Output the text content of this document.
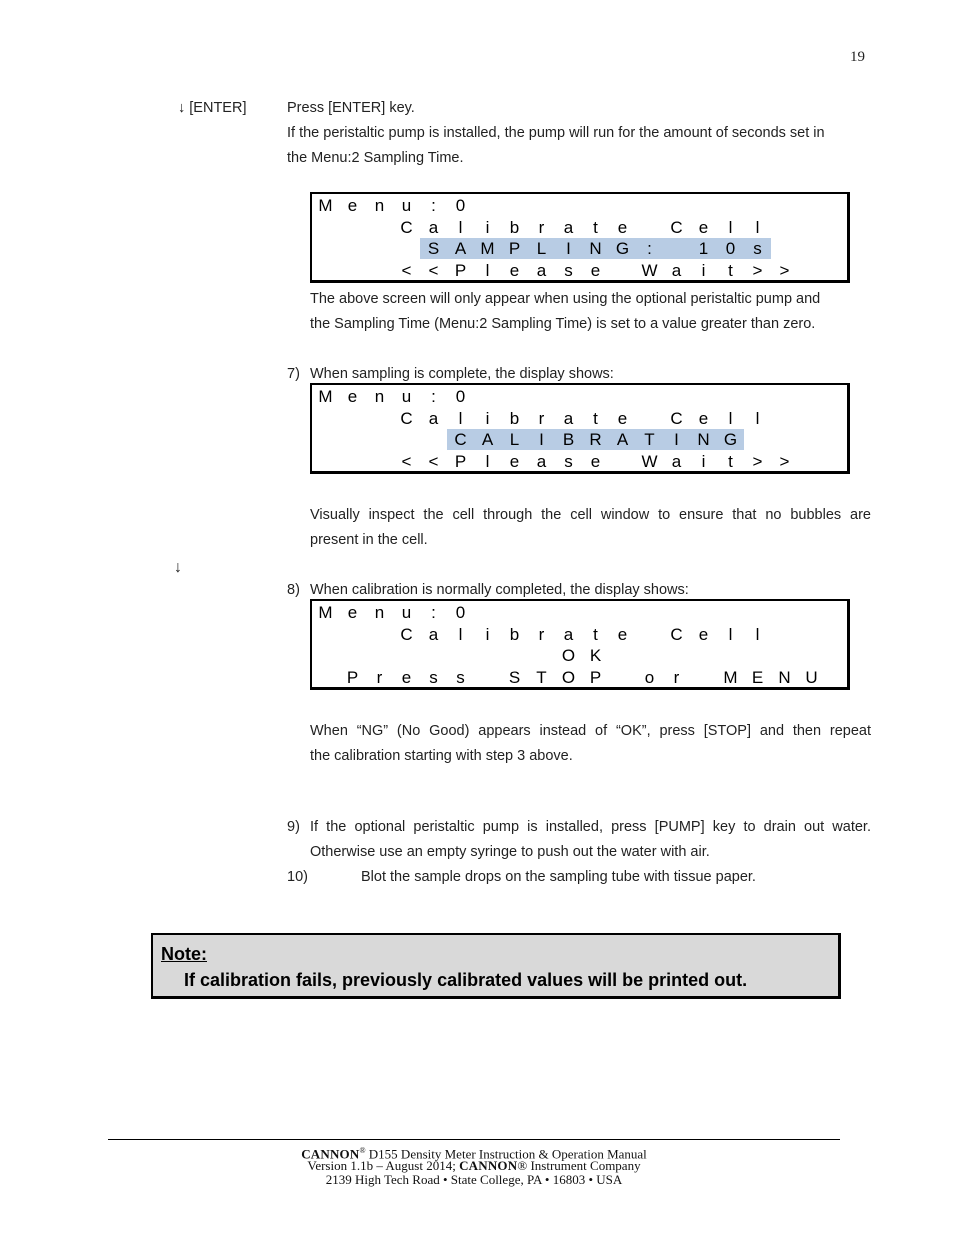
19
↓ [ENTER]	Press [ENTER] key.
If the peristaltic pump is installed, the pump will run for the amount of seconds set in
the Menu:2 Sampling Time.
M e	n	u	:	0
C a	l	i	b	r	a	t	e
	C e	l	l
S A M P L	I	N G	:
	1	0	s
<	< P	l	e	a	s	e
	W a	i	t	>	>
The above screen will only appear when using the optional peristaltic pump and
the Sampling Time (Menu:2 Sampling Time) is set to a value greater than zero.
7) When sampling is complete, the display shows:
M e	n	u	:	0
C a	l	i	b	r	a	t	e
	C e	l	l
C A L	I	B R A T	I	N G
<	< P	l	e	a	s	e
	W a	i	t	>	>
Visually inspect the cell through the cell window to ensure that no bubbles are
present in the cell.
↓
8) When calibration is normally completed, the display shows:
M e	n	u	:	0
C a	l	i	b	r	a	t	e
	C e	l	l
O K
P	r	e	s	s
	S T O P
	o	r
	M E N U
When “NG” (No Good) appears instead of “OK”, press [STOP] and then repeat
the calibration starting with step 3 above.
9) If the optional peristaltic pump is installed, press [PUMP] key to drain out water.
Otherwise use an empty syringe to push out the water with air.
10)	Blot the sample drops on the sampling tube with tissue paper.
Note:
If calibration fails, previously calibrated values will be printed out.
CANNON® D155 Density Meter Instruction & Operation Manual
Version 1.1b – August 2014; CANNON® Instrument Company
2139 High Tech Road • State College, PA • 16803 • USA
